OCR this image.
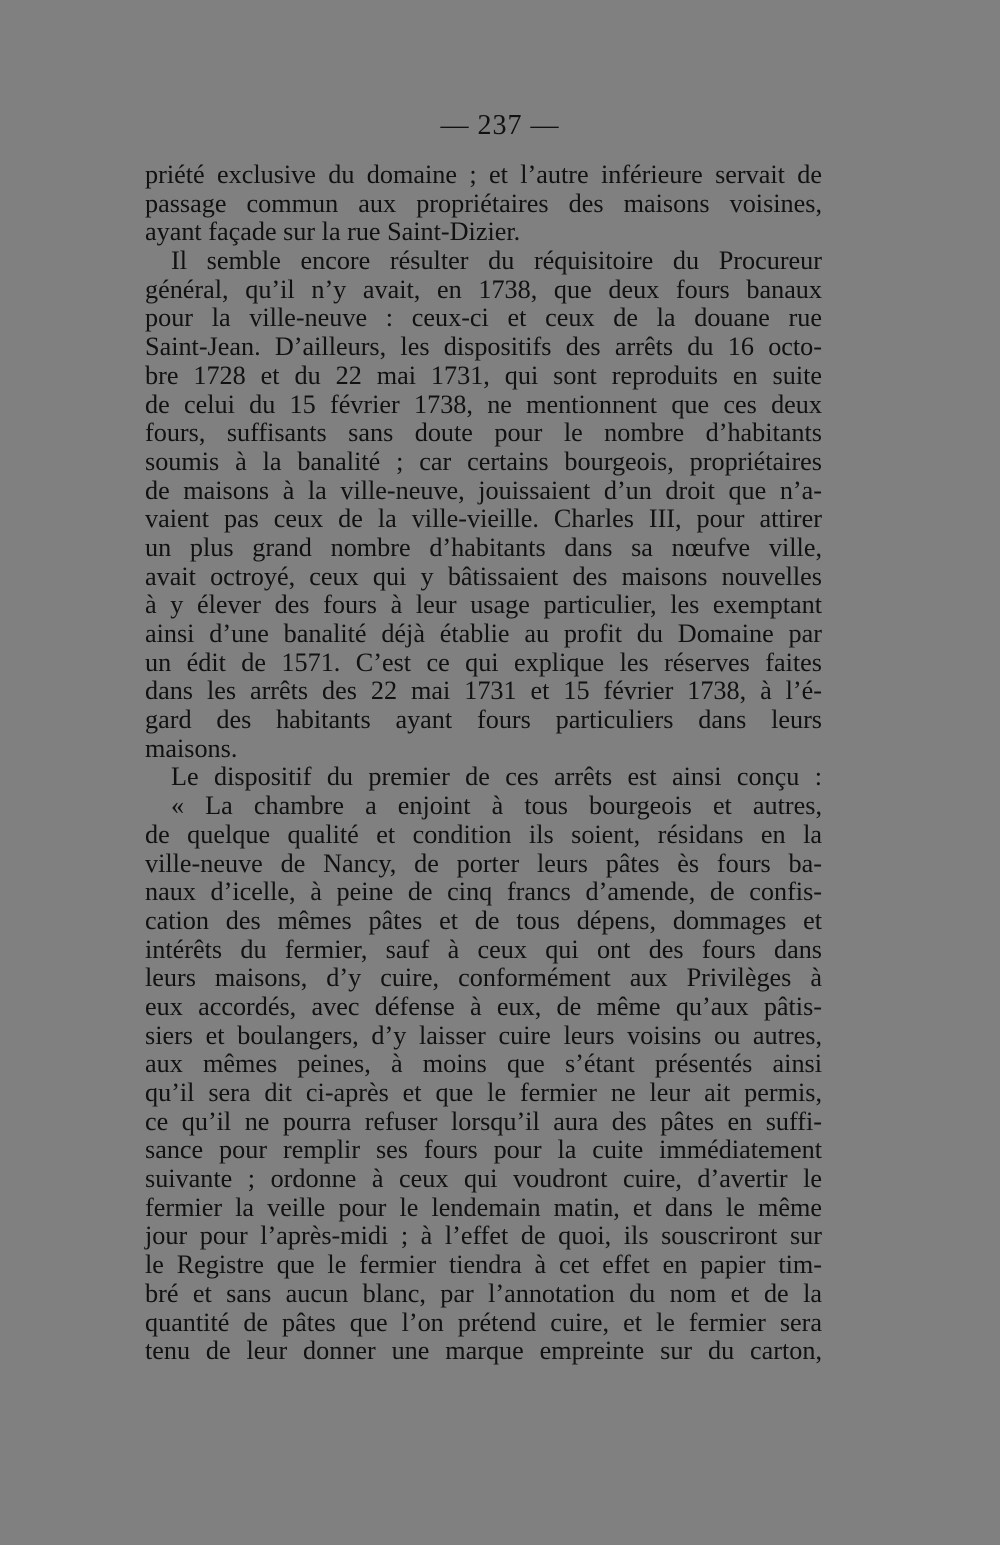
— 237 —
priété exclusive du domaine ; et l’autre inférieure servait de
passage commun aux propriétaires des maisons voisines,
ayant façade sur la rue Saint-Dizier.
Il semble encore résulter du réquisitoire du Procureur
général, qu’il n’y avait, en 1738, que deux fours banaux
pour la ville-neuve : ceux-ci et ceux de la douane rue
Saint-Jean. D’ailleurs, les dispositifs des arrêts du 16 octo-
bre 1728 et du 22 mai 1731, qui sont reproduits en suite
de celui du 15 février 1738, ne mentionnent que ces deux
fours, suffisants sans doute pour le nombre d’habitants
soumis à la banalité ; car certains bourgeois, propriétaires
de maisons à la ville-neuve, jouissaient d’un droit que n’a-
vaient pas ceux de la ville-vieille. Charles III, pour attirer
un plus grand nombre d’habitants dans sa nœufve ville,
avait octroyé, ceux qui y bâtissaient des maisons nouvelles
à y élever des fours à leur usage particulier, les exemptant
ainsi d’une banalité déjà établie au profit du Domaine par
un édit de 1571. C’est ce qui explique les réserves faites
dans les arrêts des 22 mai 1731 et 15 février 1738, à l’é-
gard des habitants ayant fours particuliers dans leurs
maisons.
Le dispositif du premier de ces arrêts est ainsi conçu :
« La chambre a enjoint à tous bourgeois et autres,
de quelque qualité et condition ils soient, résidans en la
ville-neuve de Nancy, de porter leurs pâtes ès fours ba-
naux d’icelle, à peine de cinq francs d’amende, de confis-
cation des mêmes pâtes et de tous dépens, dommages et
intérêts du fermier, sauf à ceux qui ont des fours dans
leurs maisons, d’y cuire, conformément aux Privilèges à
eux accordés, avec défense à eux, de même qu’aux pâtis-
siers et boulangers, d’y laisser cuire leurs voisins ou autres,
aux mêmes peines, à moins que s’étant présentés ainsi
qu’il sera dit ci-après et que le fermier ne leur ait permis,
ce qu’il ne pourra refuser lorsqu’il aura des pâtes en suffi-
sance pour remplir ses fours pour la cuite immédiatement
suivante ; ordonne à ceux qui voudront cuire, d’avertir le
fermier la veille pour le lendemain matin, et dans le même
jour pour l’après-midi ; à l’effet de quoi, ils souscriront sur
le Registre que le fermier tiendra à cet effet en papier tim-
bré et sans aucun blanc, par l’annotation du nom et de la
quantité de pâtes que l’on prétend cuire, et le fermier sera
tenu de leur donner une marque empreinte sur du carton,
